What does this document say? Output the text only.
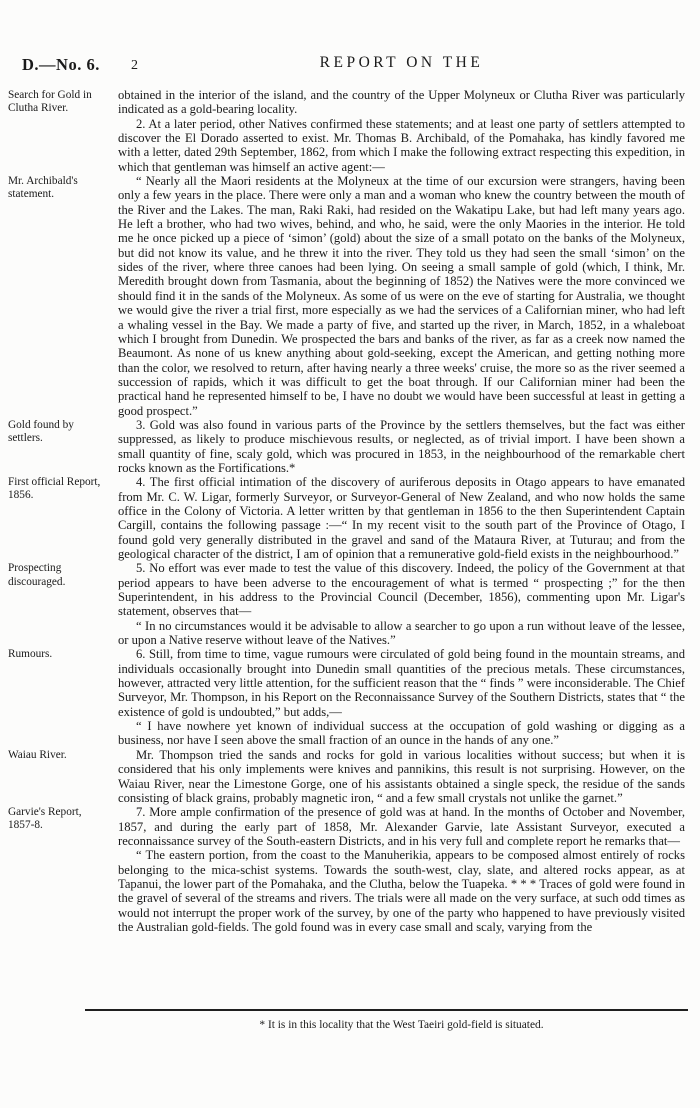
D.—No. 6. 2	REPORT ON THE
Search for Gold in Clutha River.
obtained in the interior of the island, and the country of the Upper Molyneux or Clutha River was particularly indicated as a gold-bearing locality.
2. At a later period, other Natives confirmed these statements; and at least one party of settlers attempted to discover the El Dorado asserted to exist. Mr. Thomas B. Archibald, of the Pomahaka, has kindly favored me with a letter, dated 29th September, 1862, from which I make the following extract respecting this expedition, in which that gentleman was himself an active agent:—
Mr. Archibald's statement.
“ Nearly all the Maori residents at the Molyneux at the time of our excursion were strangers, having been only a few years in the place. There were only a man and a woman who knew the country between the mouth of the River and the Lakes. The man, Raki Raki, had resided on the Wakatipu Lake, but had left many years ago. He left a brother, who had two wives, behind, and who, he said, were the only Maories in the interior. He told me he once picked up a piece of ‘simon’ (gold) about the size of a small potato on the banks of the Molyneux, but did not know its value, and he threw it into the river. They told us they had seen the small ‘simon’ on the sides of the river, where three canoes had been lying. On seeing a small sample of gold (which, I think, Mr. Meredith brought down from Tasmania, about the beginning of 1852) the Natives were the more convinced we should find it in the sands of the Molyneux. As some of us were on the eve of starting for Australia, we thought we would give the river a trial first, more especially as we had the services of a Californian miner, who had left a whaling vessel in the Bay. We made a party of five, and started up the river, in March, 1852, in a whaleboat which I brought from Dunedin. We prospected the bars and banks of the river, as far as a creek now named the Beaumont. As none of us knew anything about gold-seeking, except the American, and getting nothing more than the color, we resolved to return, after having nearly a three weeks' cruise, the more so as the river seemed a succession of rapids, which it was difficult to get the boat through. If our Californian miner had been the practical hand he represented himself to be, I have no doubt we would have been successful at least in getting a good prospect.”
Gold found by settlers.
3. Gold was also found in various parts of the Province by the settlers themselves, but the fact was either suppressed, as likely to produce mischievous results, or neglected, as of trivial import. I have been shown a small quantity of fine, scaly gold, which was procured in 1853, in the neighbourhood of the remarkable chert rocks known as the Fortifications.*
First official Report, 1856.
4. The first official intimation of the discovery of auriferous deposits in Otago appears to have emanated from Mr. C. W. Ligar, formerly Surveyor, or Surveyor-General of New Zealand, and who now holds the same office in the Colony of Victoria. A letter written by that gentleman in 1856 to the then Superintendent Captain Cargill, contains the following passage :—“ In my recent visit to the south part of the Province of Otago, I found gold very generally distributed in the gravel and sand of the Mataura River, at Tuturau; and from the geological character of the district, I am of opinion that a remunerative gold-field exists in the neighbourhood.”
Prospecting discouraged.
5. No effort was ever made to test the value of this discovery. Indeed, the policy of the Government at that period appears to have been adverse to the encouragement of what is termed “ prospecting ;” for the then Superintendent, in his address to the Provincial Council (December, 1856), commenting upon Mr. Ligar's statement, observes that—
“ In no circumstances would it be advisable to allow a searcher to go upon a run without leave of the lessee, or upon a Native reserve without leave of the Natives.”
Rumours.	6. Still, from time to time, vague rumours were circulated of gold being found in the mountain streams, and individuals occasionally brought into Dunedin small quantities of the precious metals. These circumstances, however, attracted very little attention, for the sufficient reason that the “ finds ” were inconsiderable. The Chief Surveyor, Mr. Thompson, in his Report on the Reconnaissance Survey of the Southern Districts, states that “ the existence of gold is undoubted,” but adds,—
“ I have nowhere yet known of individual success at the occupation of gold washing or digging as a business, nor have I seen above the small fraction of an ounce in the hands of any one.”
Waiau River.	Mr. Thompson tried the sands and rocks for gold in various localities without success; but when it is considered that his only implements were knives and pannikins, this result is not surprising. However, on the Waiau River, near the Limestone Gorge, one of his assistants obtained a single speck, the residue of the sands consisting of black grains, probably magnetic iron, “ and a few small crystals not unlike the garnet.”
Garvie's Report, 1857-8.
7. More ample confirmation of the presence of gold was at hand. In the months of October and November, 1857, and during the early part of 1858, Mr. Alexander Garvie, late Assistant Surveyor, executed a reconnaissance survey of the South-eastern Districts, and in his very full and complete report he remarks that—
“ The eastern portion, from the coast to the Manuherikia, appears to be composed almost entirely of rocks belonging to the mica-schist systems. Towards the south-west, clay, slate, and altered rocks appear, as at Tapanui, the lower part of the Pomahaka, and the Clutha, below the Tuapeka. * * * Traces of gold were found in the gravel of several of the streams and rivers. The trials were all made on the very surface, at such odd times as would not interrupt the proper work of the survey, by one of the party who happened to have previously visited the Australian gold-fields. The gold found was in every case small and scaly, varying from the
* It is in this locality that the West Taeiri gold-field is situated.
